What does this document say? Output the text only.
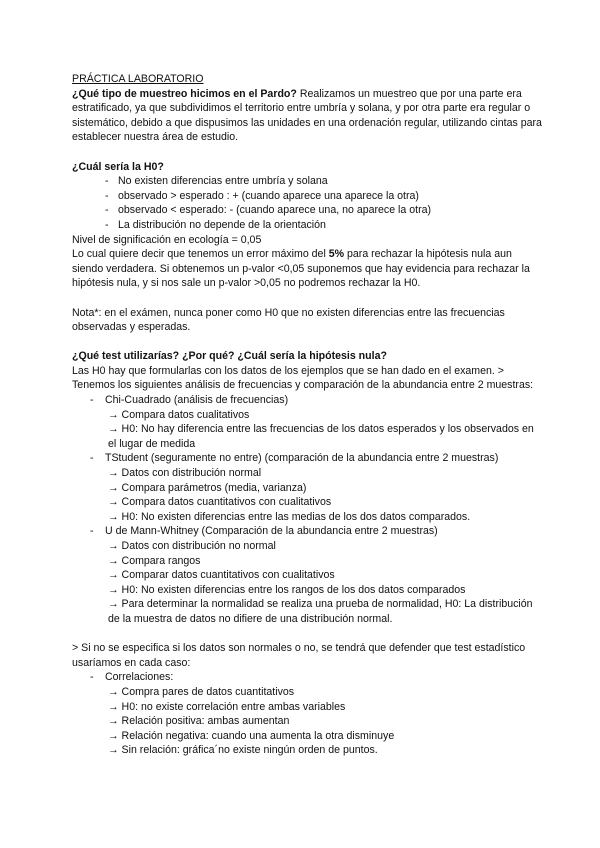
PRÁCTICA LABORATORIO

¿Qué tipo de muestreo hicimos en el Pardo? Realizamos un muestreo que por una parte era estratificado, ya que subdividimos el territorio entre umbría y solana, y por otra parte era regular o sistemático, debido a que dispusimos las unidades en una ordenación regular, utilizando cintas para establecer nuestra área de estudio.

¿Cuál sería la H0?

- No existen diferencias entre umbría y solana
- observado > esperado : + (cuando aparece una aparece la otra)
- observado < esperado: - (cuando aparece una, no aparece la otra)
- La distribución no depende de la orientación

Nivel de significación en ecología = 0,05

Lo cual quiere decir que tenemos un error máximo del 5% para rechazar la hipótesis nula aun siendo verdadera. Si obtenemos un p-valor <0,05 suponemos que hay evidencia para rechazar la hipótesis nula, y si nos sale un p-valor >0,05 no podremos rechazar la H0.

Nota*: en el exámen, nunca poner como H0 que no existen diferencias entre las frecuencias observadas y esperadas.

¿Qué test utilizarías? ¿Por qué? ¿Cuál sería la hipótesis nula?

Las H0 hay que formularlas con los datos de los ejemplos que se han dado en el examen. > Tenemos los siguientes análisis de frecuencias y comparación de la abundancia entre 2 muestras:

- Chi-Cuadrado (análisis de frecuencias)
→ Compara datos cualitativos
→ H0: No hay diferencia entre las frecuencias de los datos esperados y los observados en el lugar de medida
- TStudent (seguramente no entre) (comparación de la abundancia entre 2 muestras)
→ Datos con distribución normal
→ Compara parámetros (media, varianza)
→ Compara datos cuantitativos con cualitativos
→ H0: No existen diferencias entre las medias de los dos datos comparados.
- U de Mann-Whitney (Comparación de la abundancia entre 2 muestras)
→ Datos con distribución no normal
→ Compara rangos
→ Comparar datos cuantitativos con cualitativos
→ H0: No existen diferencias entre los rangos de los dos datos comparados
→ Para determinar la normalidad se realiza una prueba de normalidad, H0: La distribución de la muestra de datos no difiere de una distribución normal.

> Si no se especifica si los datos son normales o no, se tendrá que defender que test estadístico usaríamos en cada caso:

- Correlaciones:
→ Compra pares de datos cuantitativos
→ H0: no existe correlación entre ambas variables
→ Relación positiva: ambas aumentan
→ Relación negativa: cuando una aumenta la otra disminuye
→ Sin relación: gráfica´no existe ningún orden de puntos.
